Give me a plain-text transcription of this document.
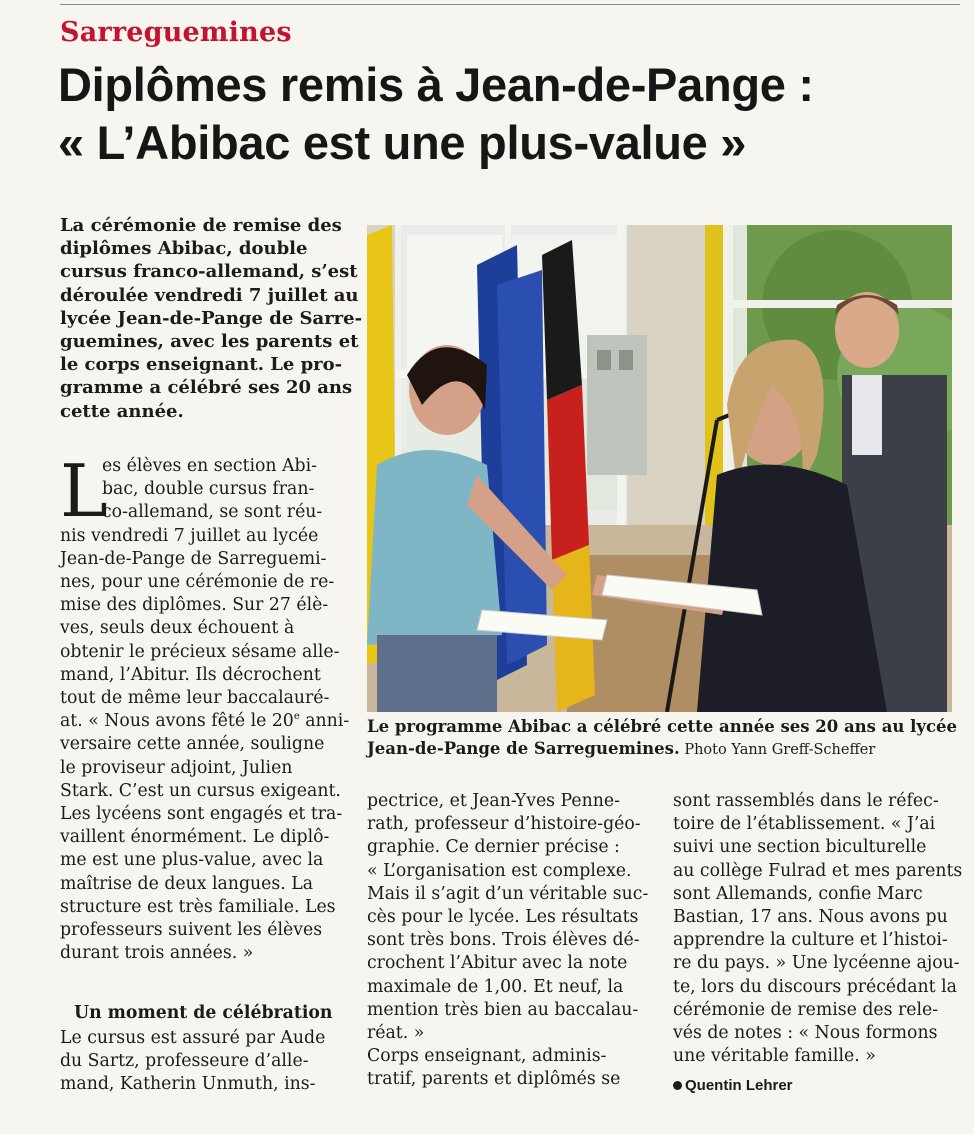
Sarreguemines
Diplômes remis à Jean-de-Pange :
« L’Abibac est une plus-value »
La cérémonie de remise des
diplômes Abibac, double
cursus franco-allemand, s’est
déroulée vendredi 7 juillet au
lycée Jean-de-Pange de Sarre-
guemines, avec les parents et
le corps enseignant. Le pro-
gramme a célébré ses 20 ans
cette année.
L
es élèves en section Abi-
bac, double cursus fran-
co-allemand, se sont réu-
nis vendredi 7 juillet au lycée
Jean-de-Pange de Sarreguemi-
nes, pour une cérémonie de re-
mise des diplômes. Sur 27 élè-
ves, seuls deux échouent à
obtenir le précieux sésame alle-
mand, l’Abitur. Ils décrochent
tout de même leur baccalauré-
at. « Nous avons fêté le 20e anni-
versaire cette année, souligne
le proviseur adjoint, Julien
Stark. C’est un cursus exigeant.
Les lycéens sont engagés et tra-
vaillent énormément. Le diplô-
me est une plus-value, avec la
maîtrise de deux langues. La
structure est très familiale. Les
professeurs suivent les élèves
durant trois années. »
Un moment de célébration
Le cursus est assuré par Aude
du Sartz, professeure d’alle-
mand, Katherin Unmuth, ins-
Le programme Abibac a célébré cette année ses 20 ans au lycée
Jean-de-Pange de Sarreguemines. Photo Yann Greff-Scheffer
pectrice, et Jean-Yves Penne-
rath, professeur d’histoire-géo-
graphie. Ce dernier précise :
« L’organisation est complexe.
Mais il s’agit d’un véritable suc-
cès pour le lycée. Les résultats
sont très bons. Trois élèves dé-
crochent l’Abitur avec la note
maximale de 1,00. Et neuf, la
mention très bien au baccalau-
réat. »
Corps enseignant, adminis-
tratif, parents et diplômés se
sont rassemblés dans le réfec-
toire de l’établissement. « J’ai
suivi une section biculturelle
au collège Fulrad et mes parents
sont Allemands, confie Marc
Bastian, 17 ans. Nous avons pu
apprendre la culture et l’histoi-
re du pays. » Une lycéenne ajou-
te, lors du discours précédant la
cérémonie de remise des rele-
vés de notes : « Nous formons
une véritable famille. »
Quentin Lehrer
